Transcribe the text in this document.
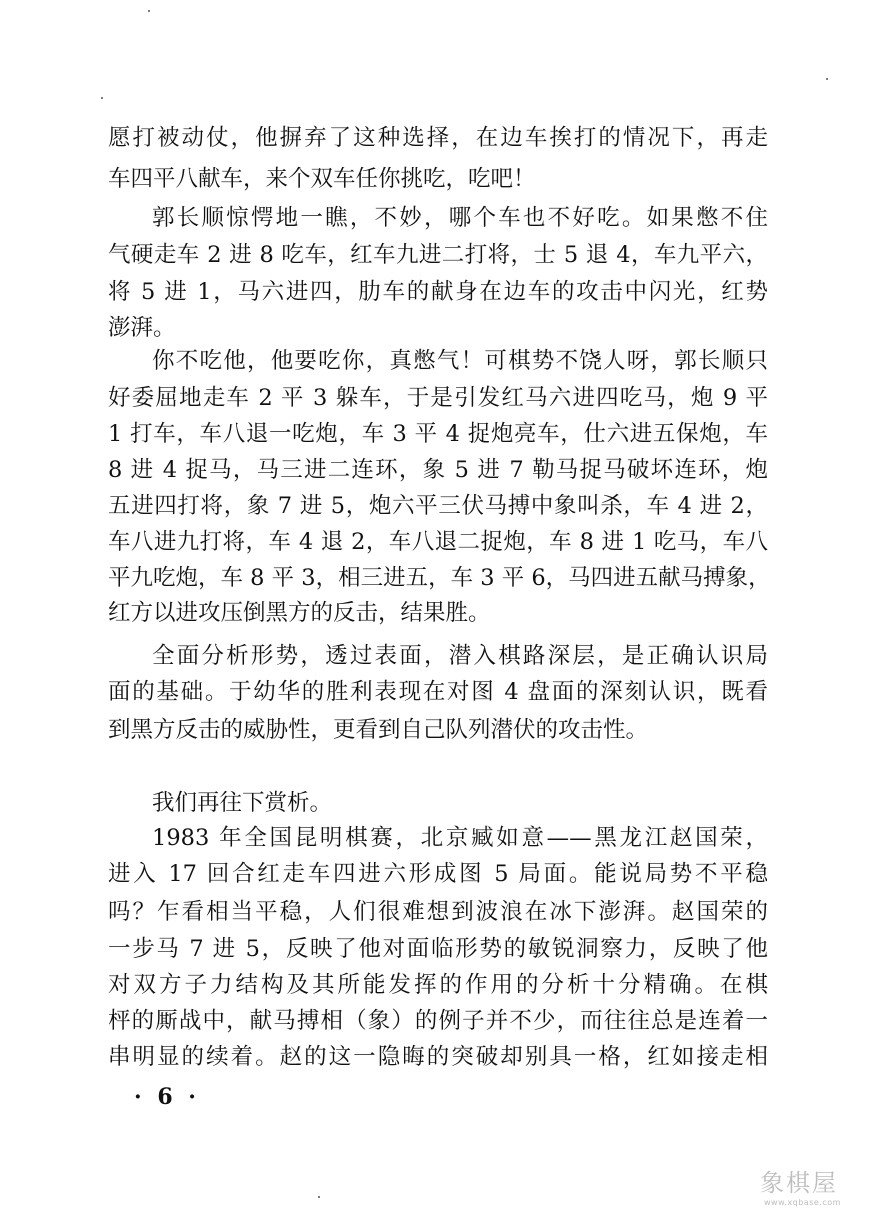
愿打被动仗，他摒弃了这种选择，在边车挨打的情况下，再走
车四平八献车，来个双车任你挑吃，吃吧！
郭长顺惊愕地一瞧，不妙，哪个车也不好吃。如果憋不住
气硬走车 2 进 8 吃车，红车九进二打将，士 5 退 4，车九平六，
将 5 进 1，马六进四，肋车的献身在边车的攻击中闪光，红势
澎湃。
你不吃他，他要吃你，真憋气！可棋势不饶人呀，郭长顺只
好委屈地走车 2 平 3 躲车，于是引发红马六进四吃马，炮 9 平
1 打车，车八退一吃炮，车 3 平 4 捉炮亮车，仕六进五保炮，车
8 进 4 捉马，马三进二连环，象 5 进 7 勒马捉马破坏连环，炮
五进四打将，象 7 进 5，炮六平三伏马搏中象叫杀，车 4 进 2，
车八进九打将，车 4 退 2，车八退二捉炮，车 8 进 1 吃马，车八
平九吃炮，车 8 平 3，相三进五，车 3 平 6，马四进五献马搏象，
红方以进攻压倒黑方的反击，结果胜。
全面分析形势，透过表面，潜入棋路深层，是正确认识局
面的基础。于幼华的胜利表现在对图 4 盘面的深刻认识，既看
到黑方反击的威胁性，更看到自己队列潜伏的攻击性。
我们再往下赏析。
1983 年全国昆明棋赛，北京臧如意——黑龙江赵国荣，
进入 17 回合红走车四进六形成图 5 局面。能说局势不平稳
吗？乍看相当平稳，人们很难想到波浪在冰下澎湃。赵国荣的
一步马 7 进 5，反映了他对面临形势的敏锐洞察力，反映了他
对双方子力结构及其所能发挥的作用的分析十分精确。在棋
枰的厮战中，献马搏相（象）的例子并不少，而往往总是连着一
串明显的续着。赵的这一隐晦的突破却别具一格，红如接走相
· 6 ·
象棋屋
www.xqbase.com
